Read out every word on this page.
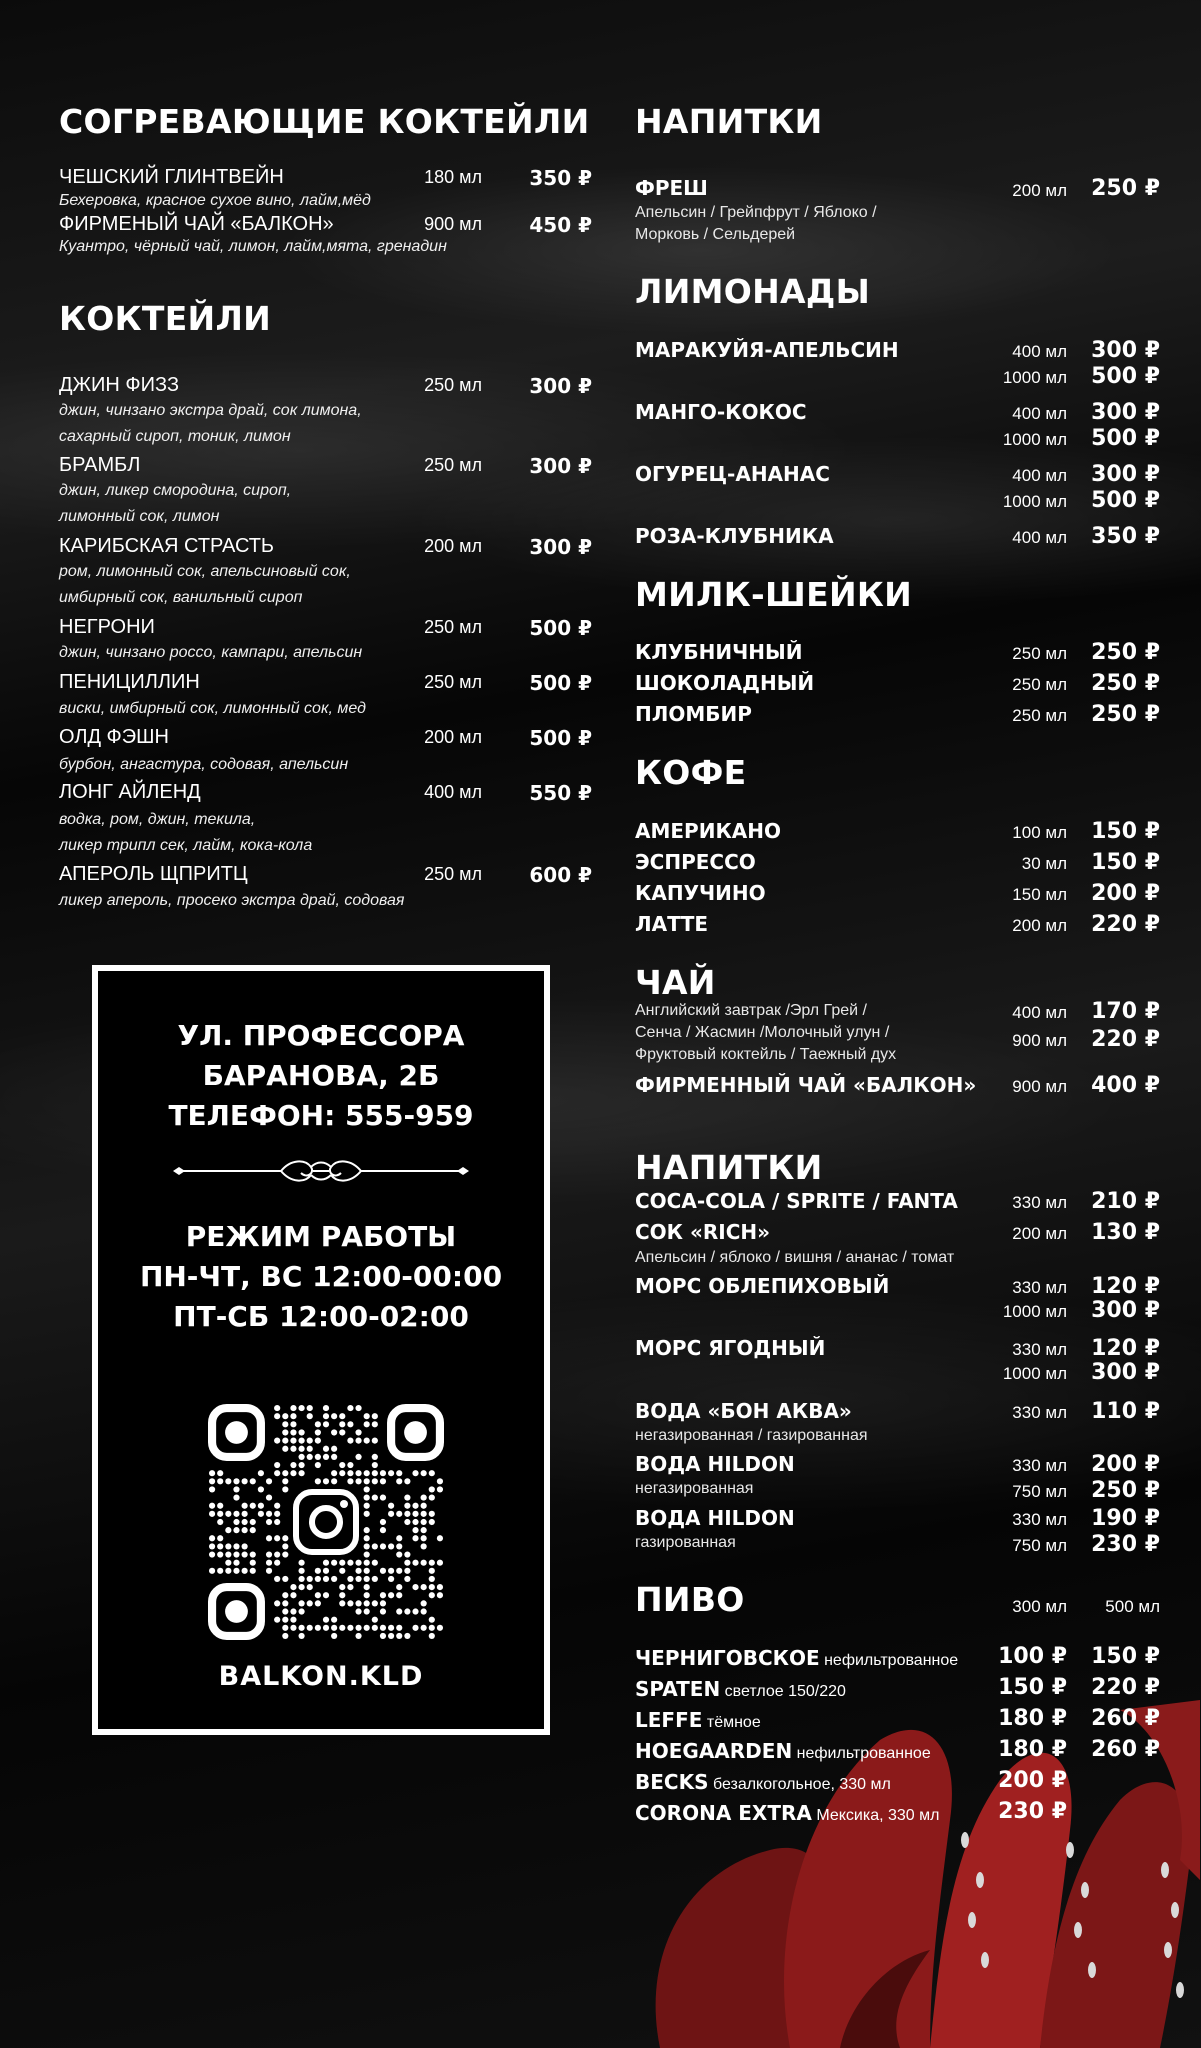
СОГРЕВАЮЩИЕ КОКТЕЙЛИ
ЧЕШСКИЙ ГЛИНТВЕЙН	180 мл	350 ₽
Бехеровка, красное сухое вино, лайм,мёд
ФИРМЕНЫЙ ЧАЙ «БАЛКОН»	900 мл	450 ₽
Куантро, чёрный чай, лимон, лайм,мята, гренадин
КОКТЕЙЛИ
ДЖИН ФИЗЗ	250 мл	300 ₽
джин, чинзано экстра драй, сок лимона,
сахарный сироп, тоник, лимон
БРАМБЛ	250 мл	300 ₽
джин, ликер смородина, сироп,
лимонный сок, лимон
КАРИБСКАЯ СТРАСТЬ	200 мл	300 ₽
ром, лимонный сок, апельсиновый сок,
имбирный сок, ванильный сироп
НЕГРОНИ	250 мл	500 ₽
джин, чинзано россо, кампари, апельсин
ПЕНИЦИЛЛИН	250 мл	500 ₽
виски, имбирный сок, лимонный сок, мед
ОЛД ФЭШН	200 мл	500 ₽
бурбон, ангастура, содовая, апельсин
ЛОНГ АЙЛЕНД	400 мл	550 ₽
водка, ром, джин, текила,
ликер трипл сек, лайм, кока-кола
АПЕРОЛЬ ЩПРИТЦ	250 мл	600 ₽
ликер апероль, просеко экстра драй, содовая
УЛ. ПРОФЕССОРА
БАРАНОВА, 2Б
ТЕЛЕФОН: 555-959
РЕЖИМ РАБОТЫ
ПН-ЧТ, ВС 12:00-00:00
ПТ-СБ 12:00-02:00
BALKON.KLD
НАПИТКИ
ФРЕШ	200 мл	250 ₽
Апельсин / Грейпфрут / Яблоко /
Морковь / Сельдерей
ЛИМОНАДЫ
МАРАКУЙЯ-АПЕЛЬСИН	400 мл	300 ₽
1000 мл	500 ₽
МАНГО-КОКОС	400 мл	300 ₽
1000 мл	500 ₽
ОГУРЕЦ-АНАНАС	400 мл	300 ₽
1000 мл	500 ₽
РОЗА-КЛУБНИКА	400 мл	350 ₽
МИЛК-ШЕЙКИ
КЛУБНИЧНЫЙ	250 мл	250 ₽
ШОКОЛАДНЫЙ	250 мл	250 ₽
ПЛОМБИР	250 мл	250 ₽
КОФЕ
АМЕРИКАНО	100 мл	150 ₽
ЭСПРЕССО	30 мл	150 ₽
КАПУЧИНО	150 мл	200 ₽
ЛАТТЕ	200 мл	220 ₽
ЧАЙ
Английский завтрак /Эрл Грей /
Сенча / Жасмин /Молочный улун /
Фруктовый коктейль / Таежный дух
400 мл	170 ₽
900 мл	220 ₽
ФИРМЕННЫЙ ЧАЙ «БАЛКОН»	900 мл	400 ₽
НАПИТКИ
COCA-COLA / SPRITE / FANTA	330 мл	210 ₽
СОК «RICH»	200 мл	130 ₽
Апельсин / яблоко / вишня / ананас / томат
МОРС ОБЛЕПИХОВЫЙ	330 мл	120 ₽
1000 мл	300 ₽
МОРС ЯГОДНЫЙ	330 мл	120 ₽
1000 мл	300 ₽
ВОДА «БОН АКВА»	330 мл	110 ₽
негазированная / газированная
ВОДА HILDON	330 мл	200 ₽
негазированная	750 мл	250 ₽
ВОДА HILDON	330 мл	190 ₽
газированная	750 мл	230 ₽
ПИВО	300 мл	500 мл
ЧЕРНИГОВСКОЕ нефильтрованное	100 ₽	150 ₽
SPATEN светлое 150/220	150 ₽	220 ₽
LEFFE тёмное	180 ₽	260 ₽
HOEGAARDEN нефильтрованное	180 ₽	260 ₽
BECKS безалкогольное, 330 мл	200 ₽
CORONA EXTRA Мексика, 330 мл	230 ₽
